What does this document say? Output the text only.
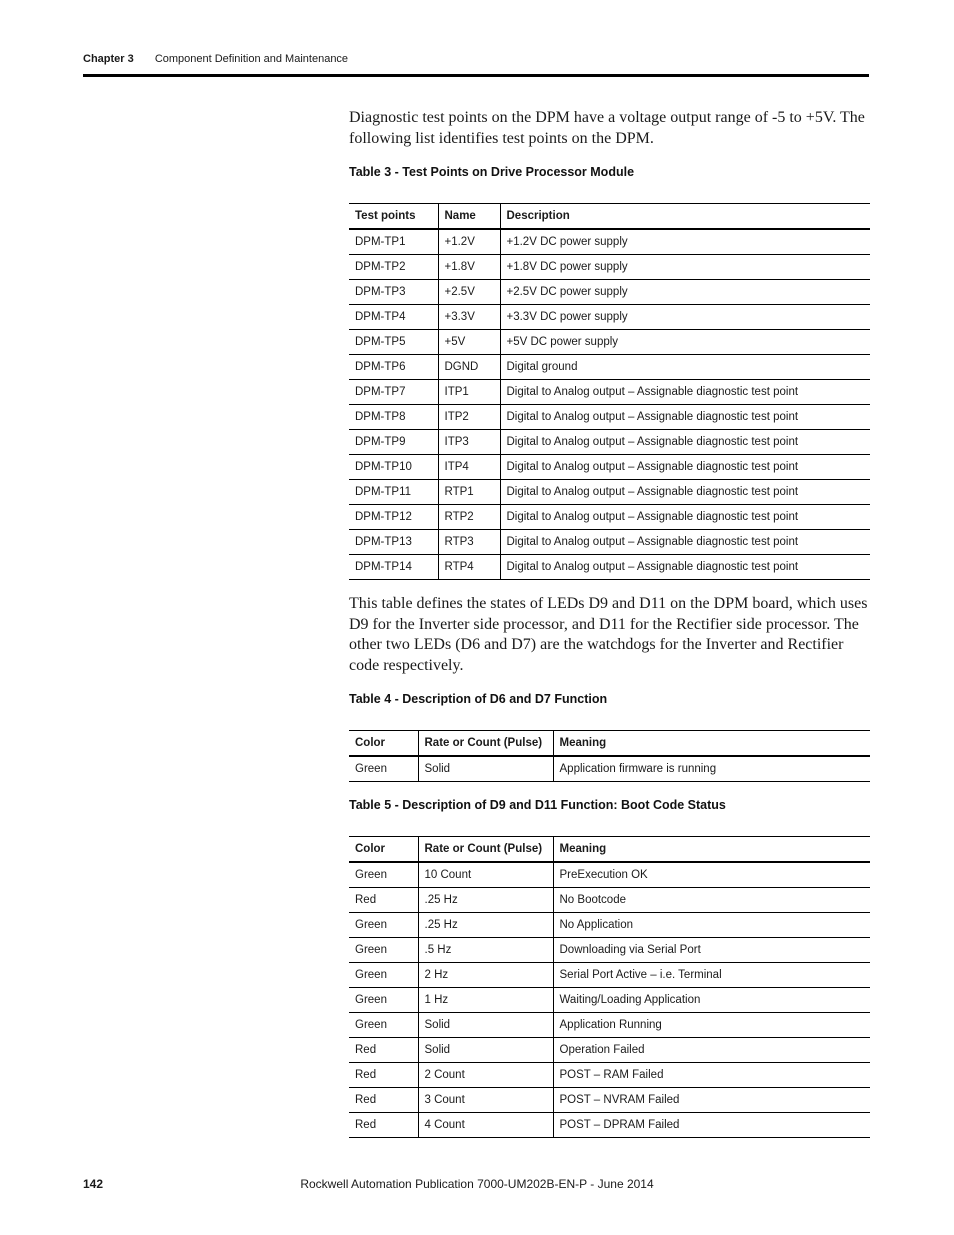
Chapter 3 Component Definition and Maintenance
Diagnostic test points on the DPM have a voltage output range of -5 to +5V. The following list identifies test points on the DPM.
Table 3 - Test Points on Drive Processor Module
Test points	Name	Description
DPM-TP1	+1.2V	+1.2V DC power supply
DPM-TP2	+1.8V	+1.8V DC power supply
DPM-TP3	+2.5V	+2.5V DC power supply
DPM-TP4	+3.3V	+3.3V DC power supply
DPM-TP5	+5V	+5V DC power supply
DPM-TP6	DGND	Digital ground
DPM-TP7	ITP1	Digital to Analog output – Assignable diagnostic test point
DPM-TP8	ITP2	Digital to Analog output – Assignable diagnostic test point
DPM-TP9	ITP3	Digital to Analog output – Assignable diagnostic test point
DPM-TP10	ITP4	Digital to Analog output – Assignable diagnostic test point
DPM-TP11	RTP1	Digital to Analog output – Assignable diagnostic test point
DPM-TP12	RTP2	Digital to Analog output – Assignable diagnostic test point
DPM-TP13	RTP3	Digital to Analog output – Assignable diagnostic test point
DPM-TP14	RTP4	Digital to Analog output – Assignable diagnostic test point
This table defines the states of LEDs D9 and D11 on the DPM board, which uses D9 for the Inverter side processor, and D11 for the Rectifier side processor. The other two LEDs (D6 and D7) are the watchdogs for the Inverter and Rectifier code respectively.
Table 4 - Description of D6 and D7 Function
Color	Rate or Count (Pulse)	Meaning
Green	Solid	Application firmware is running
Table 5 - Description of D9 and D11 Function: Boot Code Status
Color	Rate or Count (Pulse)	Meaning
Green	10 Count	PreExecution OK
Red	.25 Hz	No Bootcode
Green	.25 Hz	No Application
Green	.5 Hz	Downloading via Serial Port
Green	2 Hz	Serial Port Active – i.e. Terminal
Green	1 Hz	Waiting/Loading Application
Green	Solid	Application Running
Red	Solid	Operation Failed
Red	2 Count	POST – RAM Failed
Red	3 Count	POST – NVRAM Failed
Red	4 Count	POST – DPRAM Failed
142	Rockwell Automation Publication 7000-UM202B-EN-P - June 2014
